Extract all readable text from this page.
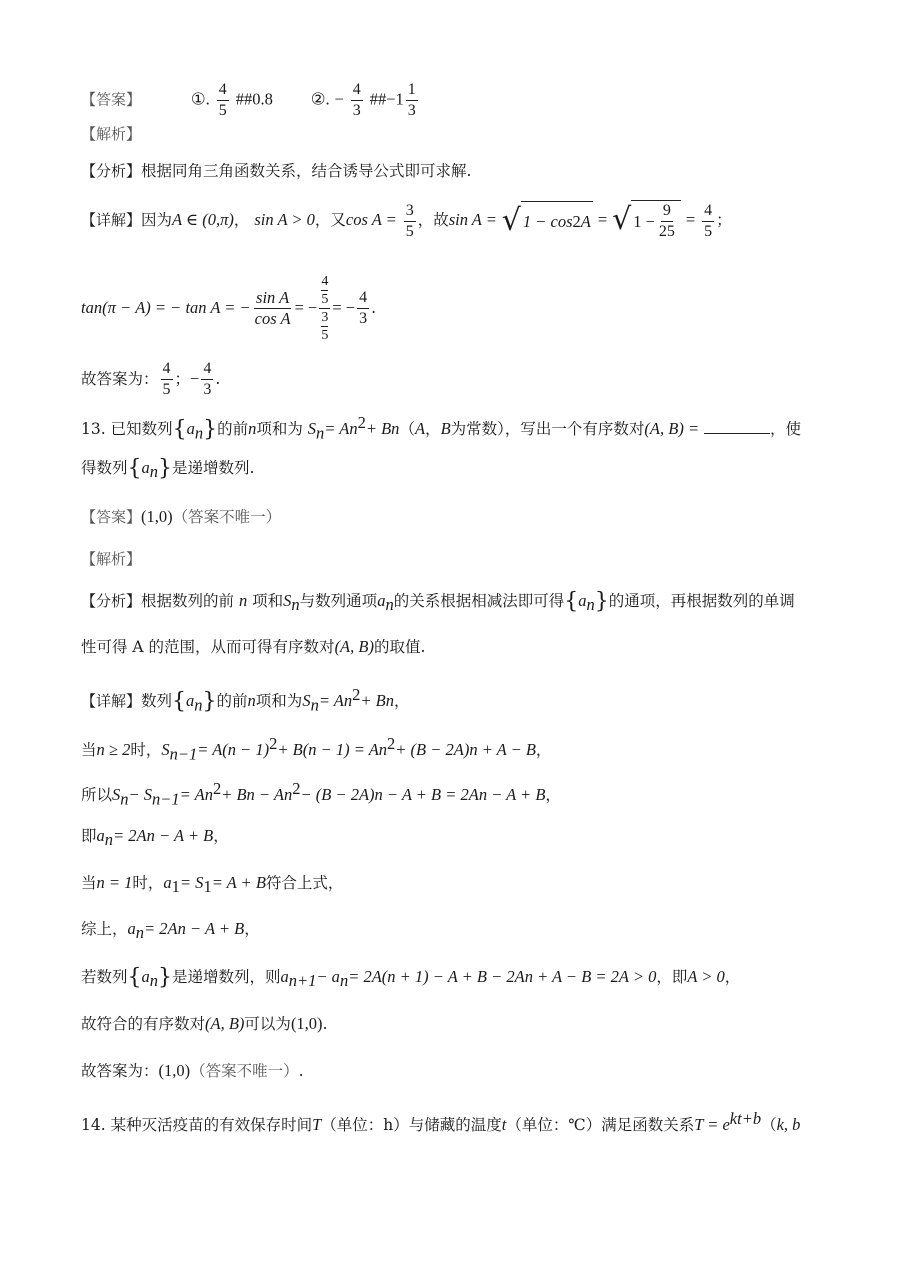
【答案】	①. $\frac{4}{5}$ ##0.8 ②. − $\frac{4}{3}$ ##−1 $\frac{1}{3}$
【解析】
【分析】根据同角三角函数关系，结合诱导公式即可求解.
【详解】因为A ∈ (0,π)， sin A > 0，又$\cos A = \frac{3}{5}$ ，故sin A = √ 1 − cos 2 A = √ $1 - \frac{9}{25} = \frac{4}{5}$ ；
tan(π − A) = − tan A = − $\frac{\text{sin A}}{\text{cos A}}$ = − 4
5
3
5 = − $\frac{4}{3}$ .
故答案为： $\frac{4}{5}$ ； − $\frac{4}{3}$ .
13. 已知数列$\{a_n\}$的前n项和为 $S_n= An^2+ Bn(A$，B为常数），写出一个有序数对(A, B) =	，使
得数列$\{a_n\}$是递增数列.
【答案】(1,0)（答案不唯一）
【解析】
【分析】根据数列的前 n 项和$S_n$与数列通项$a_n$的关系根据相减法即可得$\{a_n\}$的通项，再根据数列的单调
性可得 A 的范围，从而可得有序数对(A, B)的取值.
【详解】数列$\{a_n\}$的前n项和为$S_n= An^2+ Bn$，
当n ≥ 2时，$S_{n-1}= A(n - 1)^2+ B(n - 1) = An^2+ (B - 2A)n + A - B$，
所以$S_n- S_{n-1}= An^2+ Bn - An^2- (B - 2A)n - A + B = 2An - A + B$，
即$a_n= 2An - A + B$，
当n = 1时，$a_1= S_1= A + B$符合上式，
综上，$a_n= 2An - A + B$，
若数列$\{a_n\}$是递增数列，则$a_{n+1}- a_n= 2A(n + 1) - A + B - 2An + A - B = 2A > 0$，即A > 0，
故符合的有序数对(A, B)可以为(1,0).
故答案为：(1,0)（答案不唯一）.
14. 某种灭活疫苗的有效保存时间T（单位：h）与储藏的温度t（单位：℃）满足函数关系$T = e^{kt+b}(k$, b
